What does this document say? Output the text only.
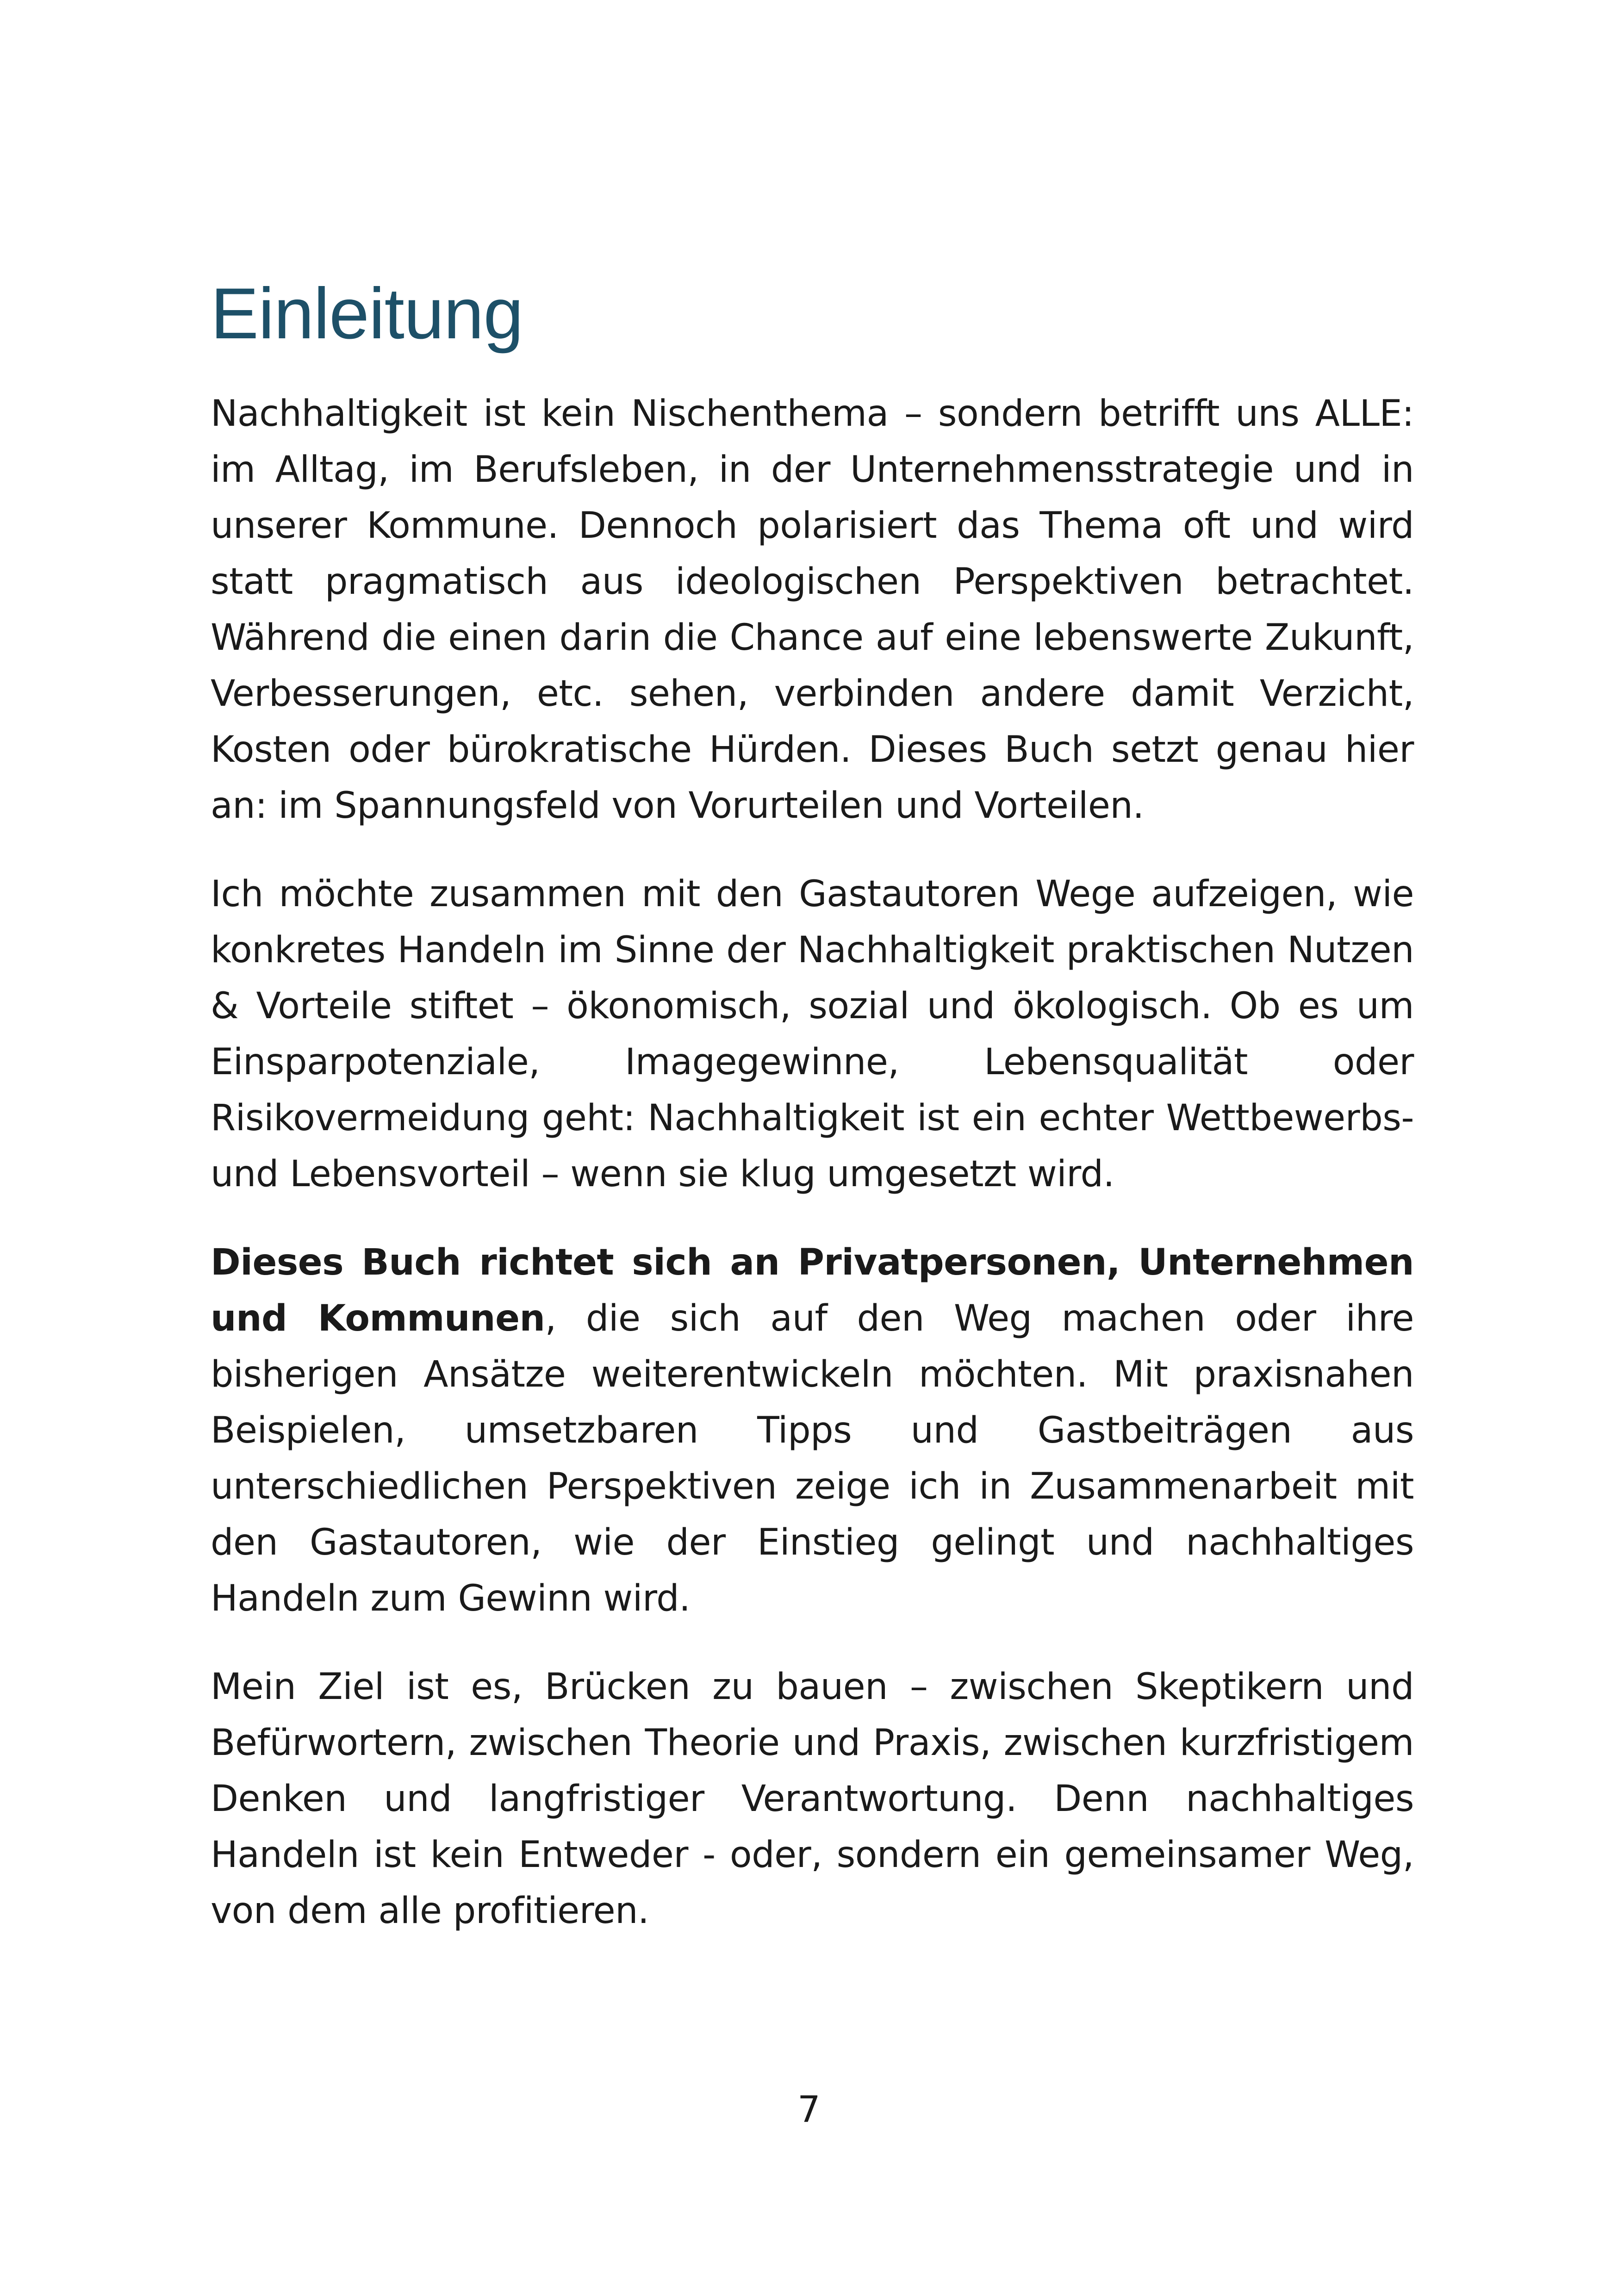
Einleitung

Nachhaltigkeit ist kein Nischenthema – sondern betrifft uns ALLE: im Alltag, im Berufsleben, in der Unternehmensstrategie und in unserer Kommune. Dennoch polarisiert das Thema oft und wird statt pragmatisch aus ideologischen Perspektiven betrachtet. Während die einen darin die Chance auf eine lebenswerte Zukunft, Verbesserungen, etc. sehen, verbinden andere damit Verzicht, Kosten oder bürokratische Hürden. Dieses Buch setzt genau hier an: im Spannungsfeld von Vorurteilen und Vorteilen.

Ich möchte zusammen mit den Gastautoren Wege aufzeigen, wie konkretes Handeln im Sinne der Nachhaltigkeit praktischen Nutzen & Vorteile stiftet – ökonomisch, sozial und ökologisch. Ob es um Einsparpotenziale, Imagegewinne, Lebensqualität oder Risikovermeidung geht: Nachhaltigkeit ist ein echter Wettbewerbs- und Lebensvorteil – wenn sie klug umgesetzt wird.

Dieses Buch richtet sich an Privatpersonen, Unternehmen und Kommunen, die sich auf den Weg machen oder ihre bisherigen Ansätze weiterentwickeln möchten. Mit praxisnahen Beispielen, umsetzbaren Tipps und Gastbeiträgen aus unterschiedlichen Perspektiven zeige ich in Zusammenarbeit mit den Gastautoren, wie der Einstieg gelingt und nachhaltiges Handeln zum Gewinn wird.

Mein Ziel ist es, Brücken zu bauen – zwischen Skeptikern und Befürwortern, zwischen Theorie und Praxis, zwischen kurzfristigem Denken und langfristiger Verantwortung. Denn nachhaltiges Handeln ist kein Entweder - oder, sondern ein gemeinsamer Weg, von dem alle profitieren.

7
